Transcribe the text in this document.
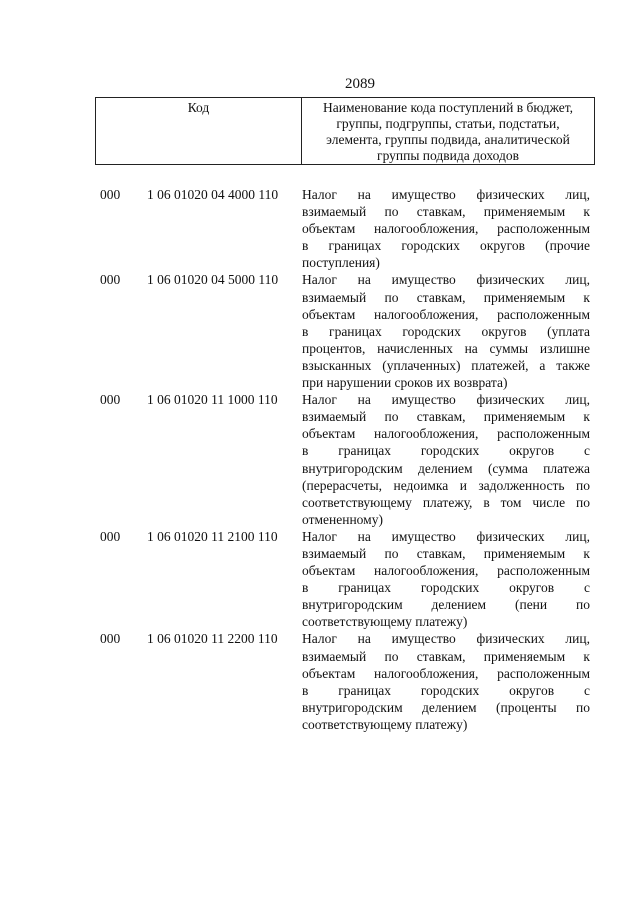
2089
Код	Наименование кода поступлений в бюджет,
группы, подгруппы, статьи, подстатьи,
элемента, группы подвида, аналитической
группы подвида доходов
000	1 06 01020 04 4000 110	Налог на имущество физических лиц,
взимаемый по ставкам, применяемым к
объектам налогообложения, расположенным
в границах городских округов (прочие
поступления)
000	1 06 01020 04 5000 110	Налог на имущество физических лиц,
взимаемый по ставкам, применяемым к
объектам налогообложения, расположенным
в границах городских округов (уплата
процентов, начисленных на суммы излишне
взысканных (уплаченных) платежей, а также
при нарушении сроков их возврата)
000	1 06 01020 11 1000 110	Налог на имущество физических лиц,
взимаемый по ставкам, применяемым к
объектам налогообложения, расположенным
в границах городских округов с
внутригородским делением (сумма платежа
(перерасчеты, недоимка и задолженность по
соответствующему платежу, в том числе по
отмененному)
000	1 06 01020 11 2100 110	Налог на имущество физических лиц,
взимаемый по ставкам, применяемым к
объектам налогообложения, расположенным
в границах городских округов с
внутригородским делением (пени по
соответствующему платежу)
000	1 06 01020 11 2200 110	Налог на имущество физических лиц,
взимаемый по ставкам, применяемым к
объектам налогообложения, расположенным
в границах городских округов с
внутригородским делением (проценты по
соответствующему платежу)
